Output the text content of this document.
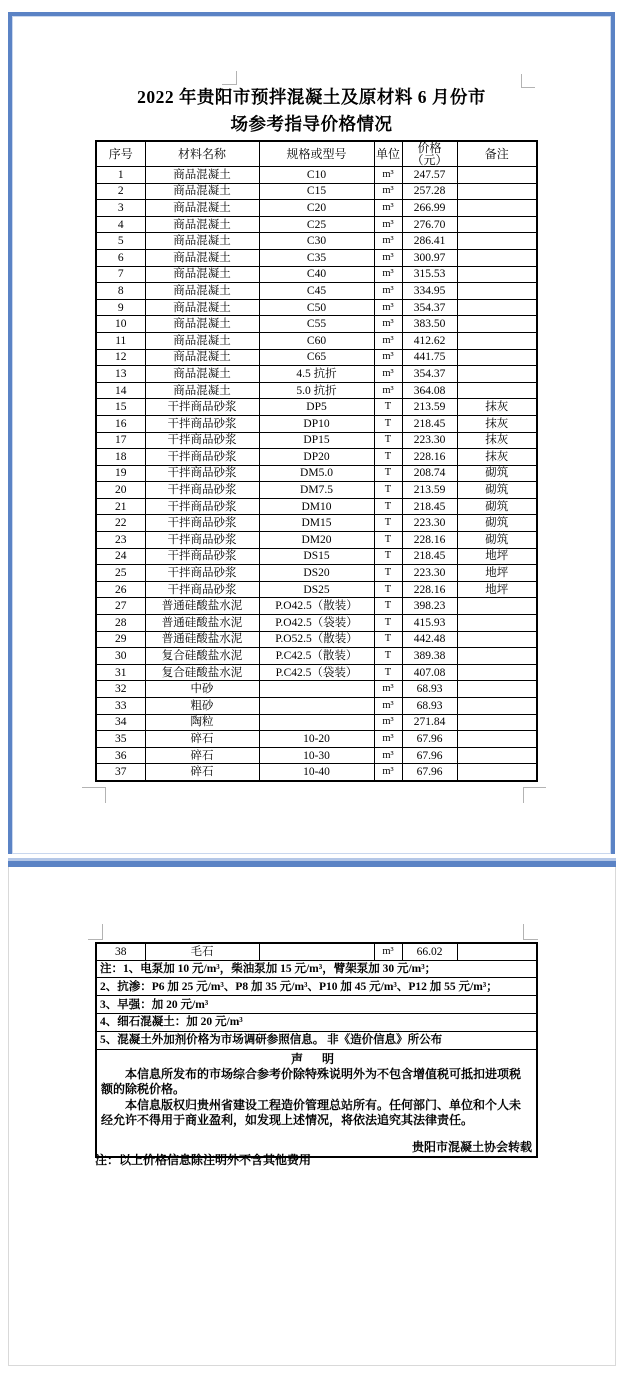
2022 年贵阳市预拌混凝土及原材料 6 月份市
场参考指导价格情况
序号	材料名称	规格或型号	单位	价格（元）	备注
1	商品混凝土	C10	m³	247.57	
2	商品混凝土	C15	m³	257.28	
3	商品混凝土	C20	m³	266.99	
4	商品混凝土	C25	m³	276.70	
5	商品混凝土	C30	m³	286.41	
6	商品混凝土	C35	m³	300.97	
7	商品混凝土	C40	m³	315.53	
8	商品混凝土	C45	m³	334.95	
9	商品混凝土	C50	m³	354.37	
10	商品混凝土	C55	m³	383.50	
11	商品混凝土	C60	m³	412.62	
12	商品混凝土	C65	m³	441.75	
13	商品混凝土	4.5 抗折	m³	354.37	
14	商品混凝土	5.0 抗折	m³	364.08	
15	干拌商品砂浆	DP5	T	213.59	抹灰
16	干拌商品砂浆	DP10	T	218.45	抹灰
17	干拌商品砂浆	DP15	T	223.30	抹灰
18	干拌商品砂浆	DP20	T	228.16	抹灰
19	干拌商品砂浆	DM5.0	T	208.74	砌筑
20	干拌商品砂浆	DM7.5	T	213.59	砌筑
21	干拌商品砂浆	DM10	T	218.45	砌筑
22	干拌商品砂浆	DM15	T	223.30	砌筑
23	干拌商品砂浆	DM20	T	228.16	砌筑
24	干拌商品砂浆	DS15	T	218.45	地坪
25	干拌商品砂浆	DS20	T	223.30	地坪
26	干拌商品砂浆	DS25	T	228.16	地坪
27	普通硅酸盐水泥	P.O42.5（散装）	T	398.23	
28	普通硅酸盐水泥	P.O42.5（袋装）	T	415.93	
29	普通硅酸盐水泥	P.O52.5（散装）	T	442.48	
30	复合硅酸盐水泥	P.C42.5（散装）	T	389.38	
31	复合硅酸盐水泥	P.C42.5（袋装）	T	407.08	
32	中砂		m³	68.93	
33	粗砂		m³	68.93	
34	陶粒		m³	271.84	
35	碎石	10-20	m³	67.96	
36	碎石	10-30	m³	67.96	
37	碎石	10-40	m³	67.96	
38	毛石		m³	66.02	
注：1、电泵加 10 元/m³，柴油泵加 15 元/m³，臂架泵加 30 元/m³；
2、抗渗：P6 加 25 元/m³、P8 加 35 元/m³、P10 加 45 元/m³、P12 加 55 元/m³；
3、早强：加 20 元/m³
4、细石混凝土：加 20 元/m³
5、混凝土外加剂价格为市场调研参照信息。 非《造价信息》所公布

声 明

本信息所发布的市场综合参考价除特殊说明外为不包含增值税可抵扣进项税额的除税价格。

本信息版权归贵州省建设工程造价管理总站所有。任何部门、单位和个人未经允许不得用于商业盈利，如发现上述情况，将依法追究其法律责任。

贵阳市混凝土协会转载
注：以上价格信息除注明外不含其他费用
